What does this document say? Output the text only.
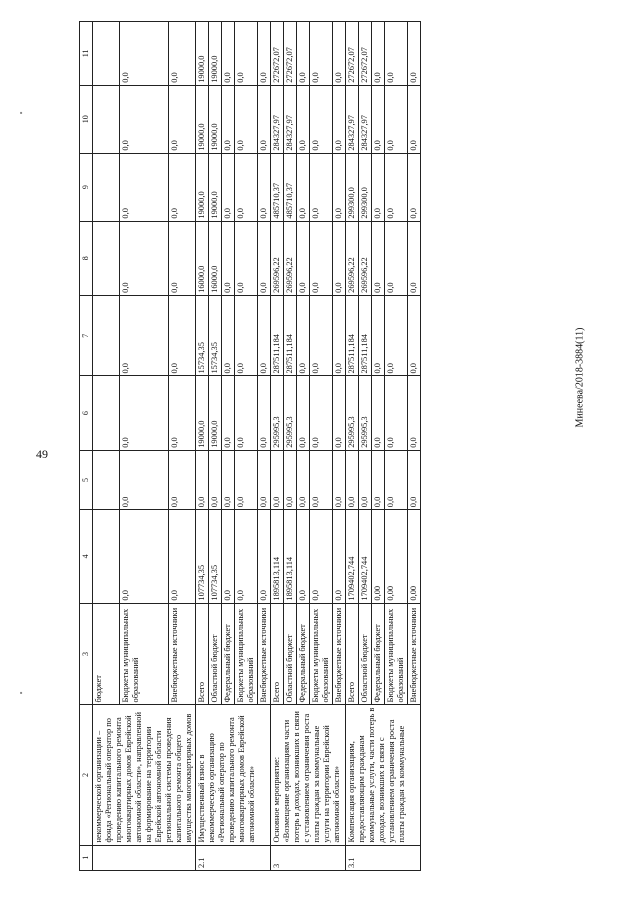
49
■
■
Минеева/2018-3884(11)
1	2	3	4	5	6	7	8	9	10	11
	некоммерческой организации – фонда «Региональный оператор по проведению капитального ремонта многоквартирных домов Еврейской автономной области», направленной на формирование на территории Еврейской автономной области региональной системы проведения капитального ремонта общего имущества многоквартирных домов	бюджет								
		Бюджеты муниципальных образований	0,0	0,0	0,0	0,0	0,0	0,0	0,0	0,0
		Внебюджетные источники	0,0	0,0	0,0	0,0	0,0	0,0	0,0	0,0
2.1	Имущественный взнос в некоммерческую организацию «Региональный оператор по проведению капитального ремонта многоквартирных домов Еврейской автономной области»	Всего	107734,35	0,0	19000,0	15734,35	16000,0	19000,0	19000,0	19000,0
		Областной бюджет	107734,35	0,0	19000,0	15734,35	16000,0	19000,0	19000,0	19000,0
		Федеральный бюджет	0,0	0,0	0,0	0,0	0,0	0,0	0,0	0,0
		Бюджеты муниципальных образований	0,0	0,0	0,0	0,0	0,0	0,0	0,0	0,0
		Внебюджетные источники	0,0	0,0	0,0	0,0	0,0	0,0	0,0	0,0
3	Основное мероприятие: «Возмещение организациям части потерь в доходах, возникших в связи с установлением ограничения роста платы граждан за коммунальные услуги на территории Еврейской автономной области»	Всего	1895813,114	0,0	295995,3	287511,184	269596,22	485710,37	284327,97	272672,07
		Областной бюджет	1895813,114	0,0	295995,3	287511,184	269596,22	485710,37	284327,97	272672,07
		Федеральный бюджет	0,0	0,0	0,0	0,0	0,0	0,0	0,0	0,0
		Бюджеты муниципальных образований	0,0	0,0	0,0	0,0	0,0	0,0	0,0	0,0
		Внебюджетные источники	0,0	0,0	0,0	0,0	0,0	0,0	0,0	0,0
3.1	Компенсация организациям, предоставляющим гражданам коммунальные услуги, части потерь в доходах, возникших в связи с установлением ограничения роста платы граждан за коммунальные	Всего	1709402,744	0,0	295995,3	287511,184	269596,22	299300,0	284327,97	272672,07
		Областной бюджет	1709402,744	0,0	295995,3	287511,184	269596,22	299300,0	284327,97	272672,07
		Федеральный бюджет	0,00	0,0	0,0	0,0	0,0	0,0	0,0	0,0
		Бюджеты муниципальных образований	0,00	0,0	0,0	0,0	0,0	0,0	0,0	0,0
		Внебюджетные источники	0,00	0,0	0,0	0,0	0,0	0,0	0,0	0,0
